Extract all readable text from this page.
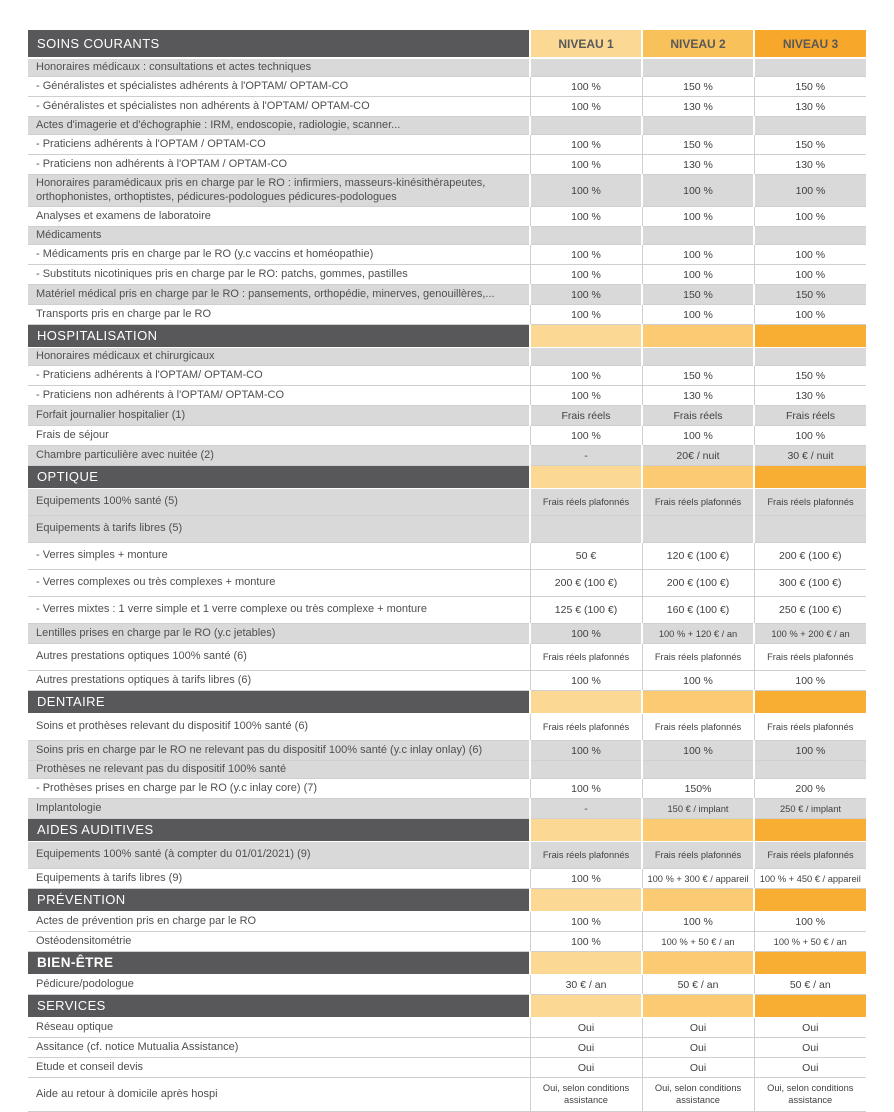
SOINS COURANTS	NIVEAU 1	NIVEAU 2	NIVEAU 3
Honoraires médicaux : consultations et actes techniques			
- Généralistes et spécialistes adhérents à l'OPTAM/ OPTAM-CO	100 %	150 %	150 %
- Généralistes et spécialistes non adhérents à l'OPTAM/ OPTAM-CO	100 %	130 %	130 %
Actes d'imagerie et d'échographie : IRM, endoscopie, radiologie, scanner...			
- Praticiens adhérents à l'OPTAM / OPTAM-CO	100 %	150 %	150 %
- Praticiens non adhérents à l'OPTAM / OPTAM-CO	100 %	130 %	130 %
Honoraires paramédicaux pris en charge par le RO : infirmiers, masseurs-kinésithérapeutes, orthophonistes, orthoptistes, pédicures-podologues pédicures-podologues	100 %	100 %	100 %
Analyses et examens de laboratoire	100 %	100 %	100 %
Médicaments			
- Médicaments pris en charge par le RO (y.c vaccins et homéopathie)	100 %	100 %	100 %
- Substituts nicotiniques pris en charge par le RO: patchs, gommes, pastilles	100 %	100 %	100 %
Matériel médical pris en charge par le RO : pansements, orthopédie, minerves, genouillères,...	100 %	150 %	150 %
Transports pris en charge par le RO	100 %	100 %	100 %
HOSPITALISATION			
Honoraires médicaux et chirurgicaux			
- Praticiens adhérents à l'OPTAM/ OPTAM-CO	100 %	150 %	150 %
- Praticiens non adhérents à l'OPTAM/ OPTAM-CO	100 %	130 %	130 %
Forfait journalier hospitalier (1)	Frais réels	Frais réels	Frais réels
Frais de séjour	100 %	100 %	100 %
Chambre particulière avec nuitée (2)	-	20€ / nuit	30 € / nuit
OPTIQUE			
Equipements 100% santé (5)	Frais réels plafonnés	Frais réels plafonnés	Frais réels plafonnés
Equipements à tarifs libres (5)			
- Verres simples + monture	50 €	120 € (100 €)	200 € (100 €)
- Verres complexes ou très complexes + monture	200 € (100 €)	200 € (100 €)	300 € (100 €)
- Verres mixtes : 1 verre simple et 1 verre complexe ou très complexe + monture	125 € (100 €)	160 € (100 €)	250 € (100 €)
Lentilles prises en charge par le RO (y.c jetables)	100 %	100 % + 120 € / an	100 % + 200 € / an
Autres prestations optiques 100% santé (6)	Frais réels plafonnés	Frais réels plafonnés	Frais réels plafonnés
Autres prestations optiques à tarifs libres (6)	100 %	100 %	100 %
DENTAIRE			
Soins et prothèses relevant du dispositif 100% santé (6)	Frais réels plafonnés	Frais réels plafonnés	Frais réels plafonnés
Soins pris en charge par le RO ne relevant pas du dispositif 100% santé (y.c inlay onlay) (6)	100 %	100 %	100 %
Prothèses ne relevant pas du dispositif 100% santé			
- Prothèses prises en charge par le RO (y.c inlay core) (7)	100 %	150%	200 %
Implantologie	-	150 € / implant	250 € / implant
AIDES AUDITIVES			
Equipements 100% santé (à compter du 01/01/2021) (9)	Frais réels plafonnés	Frais réels plafonnés	Frais réels plafonnés
Equipements à tarifs libres (9)	100 %	100 % + 300 € / appareil	100 % + 450 € / appareil
PRÉVENTION			
Actes de prévention pris en charge par le RO	100 %	100 %	100 %
Ostéodensitométrie	100 %	100 % + 50 € / an	100 % + 50 € / an
BIEN-ÊTRE			
Pédicure/podologue	30 € / an	50 € / an	50 € / an
SERVICES			
Réseau optique	Oui	Oui	Oui
Assitance (cf. notice Mutualia Assistance)	Oui	Oui	Oui
Etude et conseil devis	Oui	Oui	Oui
Aide au retour à domicile après hospi	Oui, selon conditions assistance	Oui, selon conditions assistance	Oui, selon conditions assistance
